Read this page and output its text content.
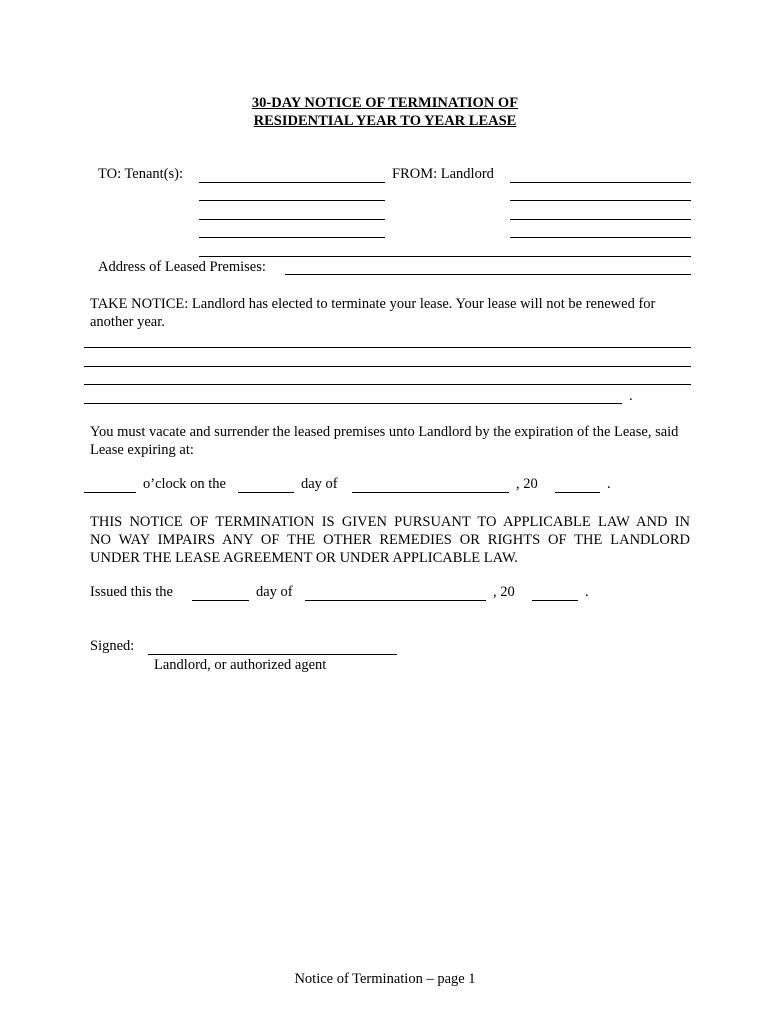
30-DAY NOTICE OF TERMINATION OF
RESIDENTIAL YEAR TO YEAR LEASE
TO: Tenant(s):	FROM: Landlord
Address of Leased Premises:
TAKE NOTICE: Landlord has elected to terminate your lease. Your lease will not be renewed for another year.
.
You must vacate and surrender the leased premises unto Landlord by the expiration of the Lease, said Lease expiring at:
o’clock on the	day of	, 20	.
THIS NOTICE OF TERMINATION IS GIVEN PURSUANT TO APPLICABLE LAW AND IN
NO WAY IMPAIRS ANY OF THE OTHER REMEDIES OR RIGHTS OF THE LANDLORD
UNDER THE LEASE AGREEMENT OR UNDER APPLICABLE LAW.
Issued this the	day of	, 20	.
Signed:
Landlord, or authorized agent
Notice of Termination – page 1
